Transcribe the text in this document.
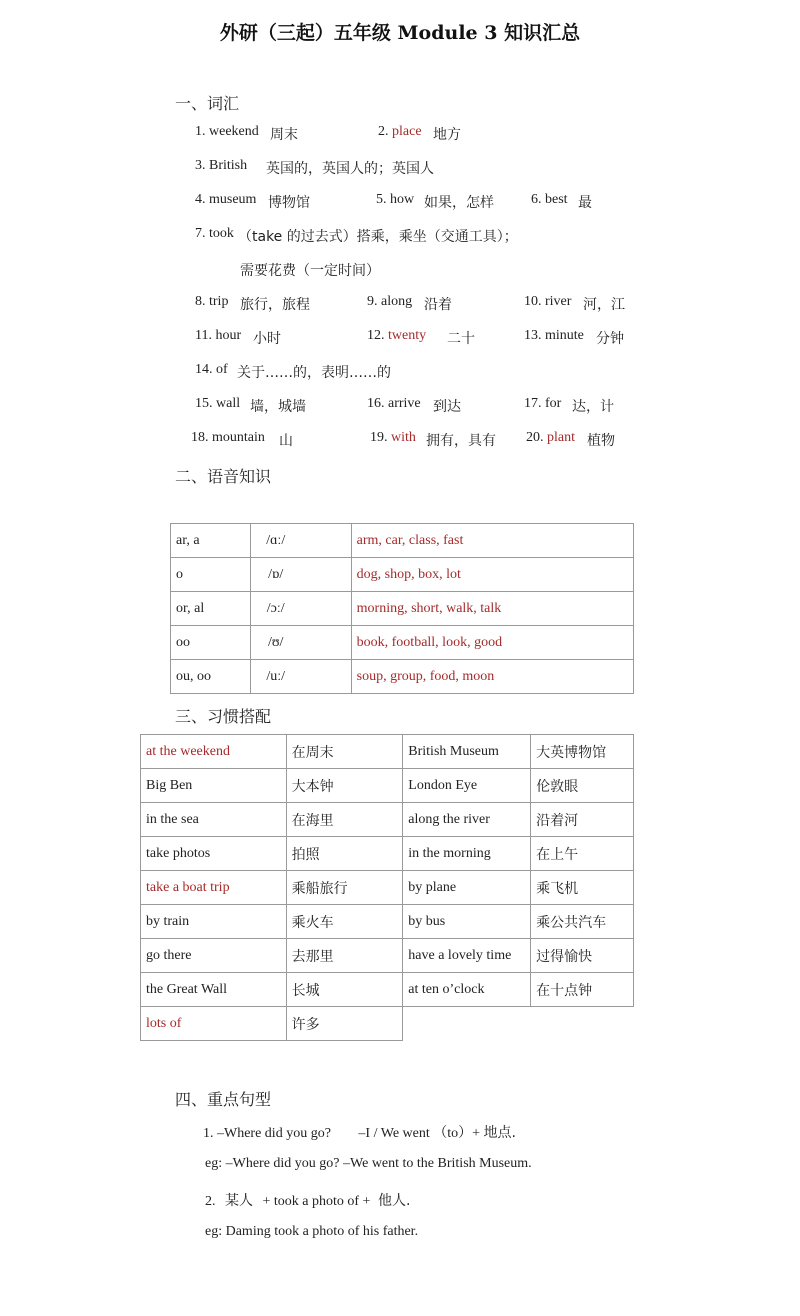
外研（三起）五年级 Module 3 知识汇总
一、词汇
1. weekend 周末	2. place 地方
3. British 英国的，英国人的；英国人
4. museum 博物馆	5. how 如果，怎样	6. best 最
7. took （take 的过去式）搭乘，乘坐（交通工具）；
需要花费（一定时间）
8. trip 旅行，旅程	9. along 沿着	10. river 河，江
11. hour 小时	12. twenty 二十	13. minute 分钟
14. of 关于……的，表明……的
15. wall 墙，城墙	16. arrive 到达	17. for 达，计
18. mountain 山	19. with 拥有，具有 20. plant 植物
二、语音知识
ar, a	/ɑː/	arm, car, class, fast
o	/ɒ/	dog, shop, box, lot
or, al	/ɔː/	morning, short, walk, talk
oo	/ʊ/	book, football, look, good
ou, oo	/uː/	soup, group, food, moon
三、习惯搭配
at the weekend	在周末	British Museum	大英博物馆
Big Ben	大本钟	London Eye	伦敦眼
in the sea	在海里	along the river	沿着河
take photos	拍照	in the morning	在上午
take a boat trip	乘船旅行	by plane	乘飞机
by train	乘火车	by bus	乘公共汽车
go there	去那里	have a lovely time	过得愉快
the Great Wall	长城	at ten o’clock	在十点钟
lots of	许多		
四、重点句型
1. –Where did you go? –I / We went （to）+ 地点.
eg: –Where did you go? –We went to the British Museum.
2. 某人 + took a photo of + 他人.
eg: Daming took a photo of his father.
